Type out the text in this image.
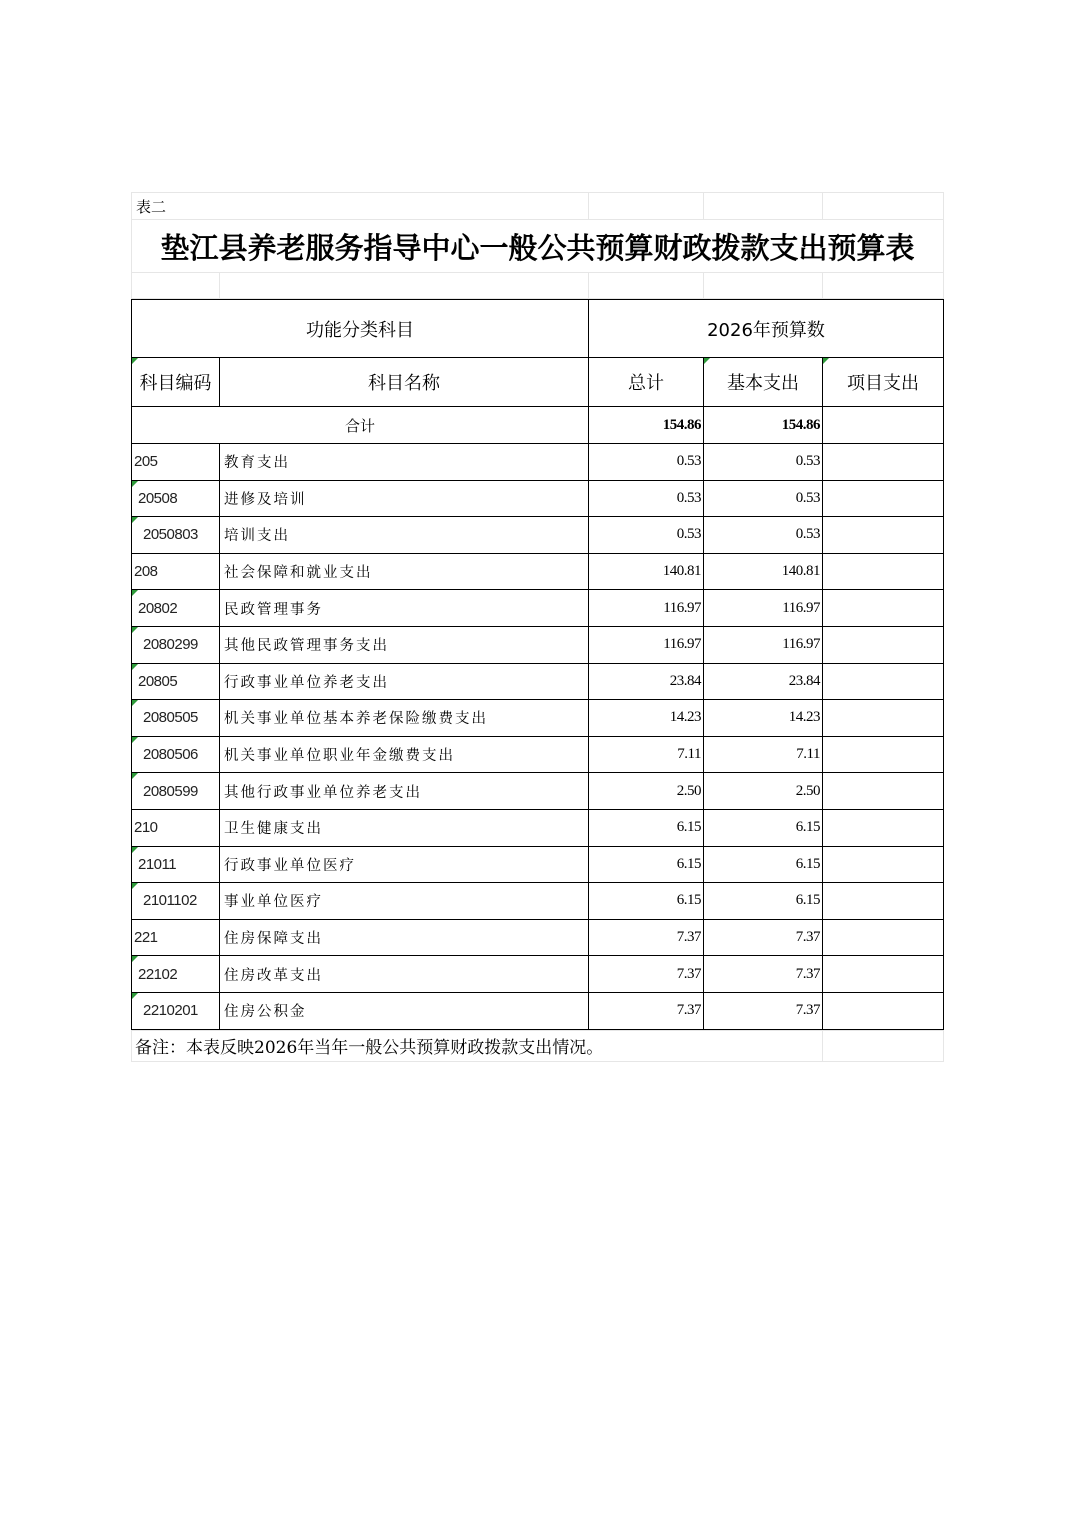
表二				
垫江县养老服务指导中心一般公共预算财政拨款支出预算表				

功能分类科目		2026年预算数		

科目编码	科目名称	总计	基本支出	项目支出
合计		154.86	154.86	
205	教育支出	0.53	0.53	

20508	进修及培训	0.53	0.53	

2050803	培训支出	0.53	0.53	
208	社会保障和就业支出	140.81	140.81	

20802	民政管理事务	116.97	116.97	

2080299	其他民政管理事务支出	116.97	116.97	

20805	行政事业单位养老支出	23.84	23.84	

2080505	机关事业单位基本养老保险缴费支出	14.23	14.23	

2080506	机关事业单位职业年金缴费支出	7.11	7.11	

2080599	其他行政事业单位养老支出	2.50	2.50	
210	卫生健康支出	6.15	6.15	

21011	行政事业单位医疗	6.15	6.15	

2101102	事业单位医疗	6.15	6.15	
221	住房保障支出	7.37	7.37	

22102	住房改革支出	7.37	7.37	

2210201	住房公积金	7.37	7.37	
备注：本表反映2026年当年一般公共预算财政拨款支出情况。	
